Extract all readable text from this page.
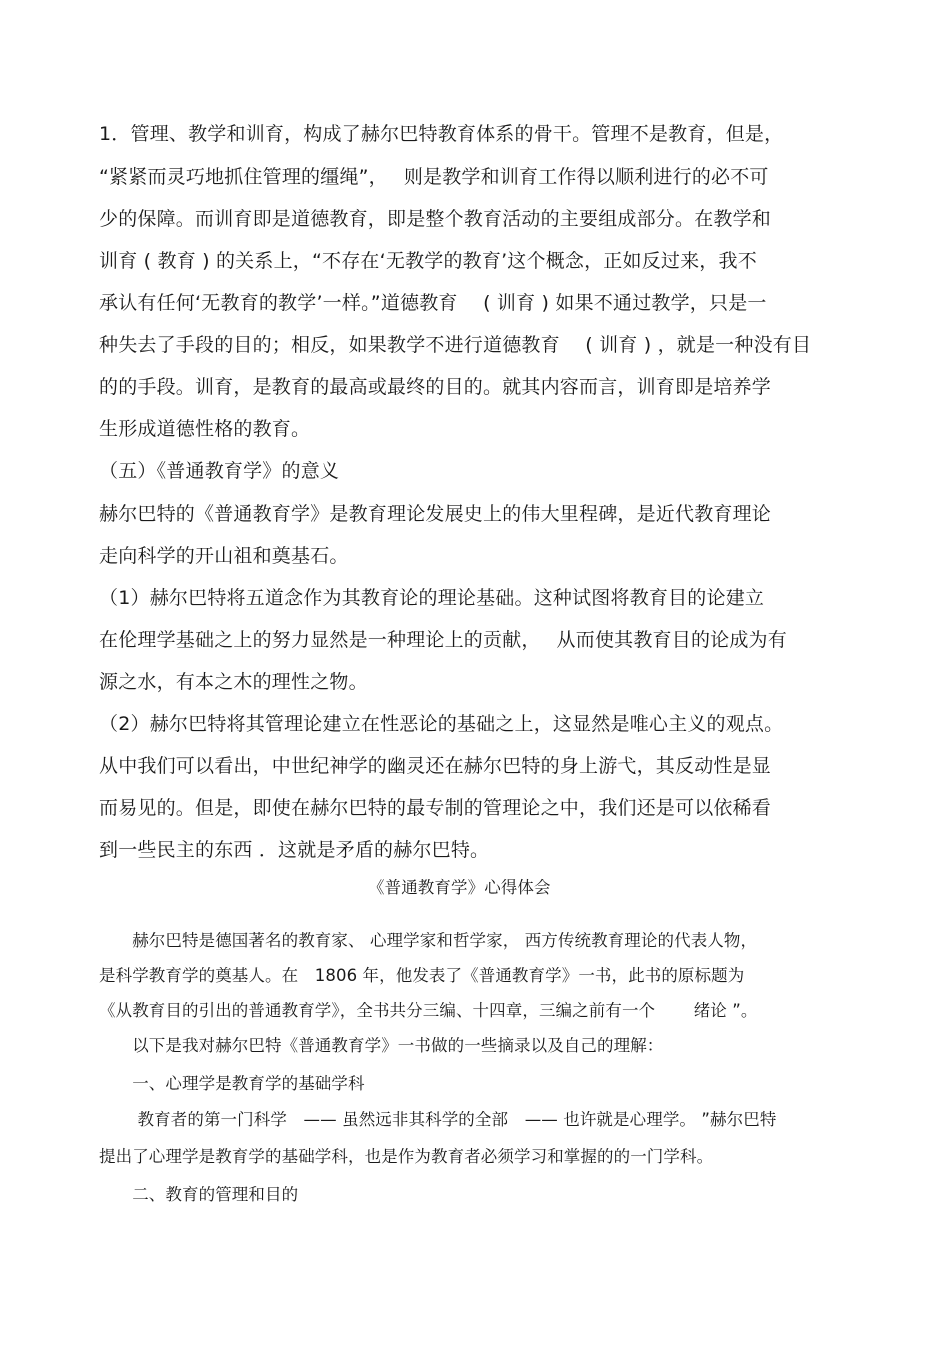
1．管理、教学和训育，构成了赫尔巴特教育体系的骨干。管理不是教育，但是，
“紧紧而灵巧地抓住管理的缰绳”，　 则是教学和训育工作得以顺利进行的必不可
少的保障。而训育即是道德教育，即是整个教育活动的主要组成部分。在教学和
训育 ( 教育 ) 的关系上，“不存在‘无教学的教育’这个概念，正如反过来，我不
承认有任何‘无教育的教学’一样。”道德教育　 ( 训育 ) 如果不通过教学，只是一
种失去了手段的目的；相反，如果教学不进行道德教育　 ( 训育 ) ，就是一种没有目
的的手段。训育，是教育的最高或最终的目的。就其内容而言，训育即是培养学
生形成道德性格的教育。
（五）《普通教育学》的意义
赫尔巴特的《普通教育学》是教育理论发展史上的伟大里程碑，是近代教育理论
走向科学的开山祖和奠基石。
（1）赫尔巴特将五道念作为其教育论的理论基础。这种试图将教育目的论建立
在伦理学基础之上的努力显然是一种理论上的贡献，　 从而使其教育目的论成为有
源之水，有本之木的理性之物。
（2）赫尔巴特将其管理论建立在性恶论的基础之上，这显然是唯心主义的观点。
从中我们可以看出，中世纪神学的幽灵还在赫尔巴特的身上游弋，其反动性是显
而易见的。但是，即使在赫尔巴特的最专制的管理论之中，我们还是可以依稀看
到一些民主的东西 ．这就是矛盾的赫尔巴特。
《普通教育学》心得体会
　　赫尔巴特是德国著名的教育家、 心理学家和哲学家， 西方传统教育理论的代表人物，
是科学教育学的奠基人。在　1806 年，他发表了《普通教育学》一书，此书的原标题为
《从教育目的引出的普通教育学》，全书共分三编、十四章，三编之前有一个　　 绪论 ”。
　　以下是我对赫尔巴特《普通教育学》一书做的一些摘录以及自己的理解：
　　一、心理学是教育学的基础学科
　　 教育者的第一门科学　—— 虽然远非其科学的全部　—— 也许就是心理学。 ”赫尔巴特
提出了心理学是教育学的基础学科，也是作为教育者必须学习和掌握的的一门学科。
　　二、教育的管理和目的
